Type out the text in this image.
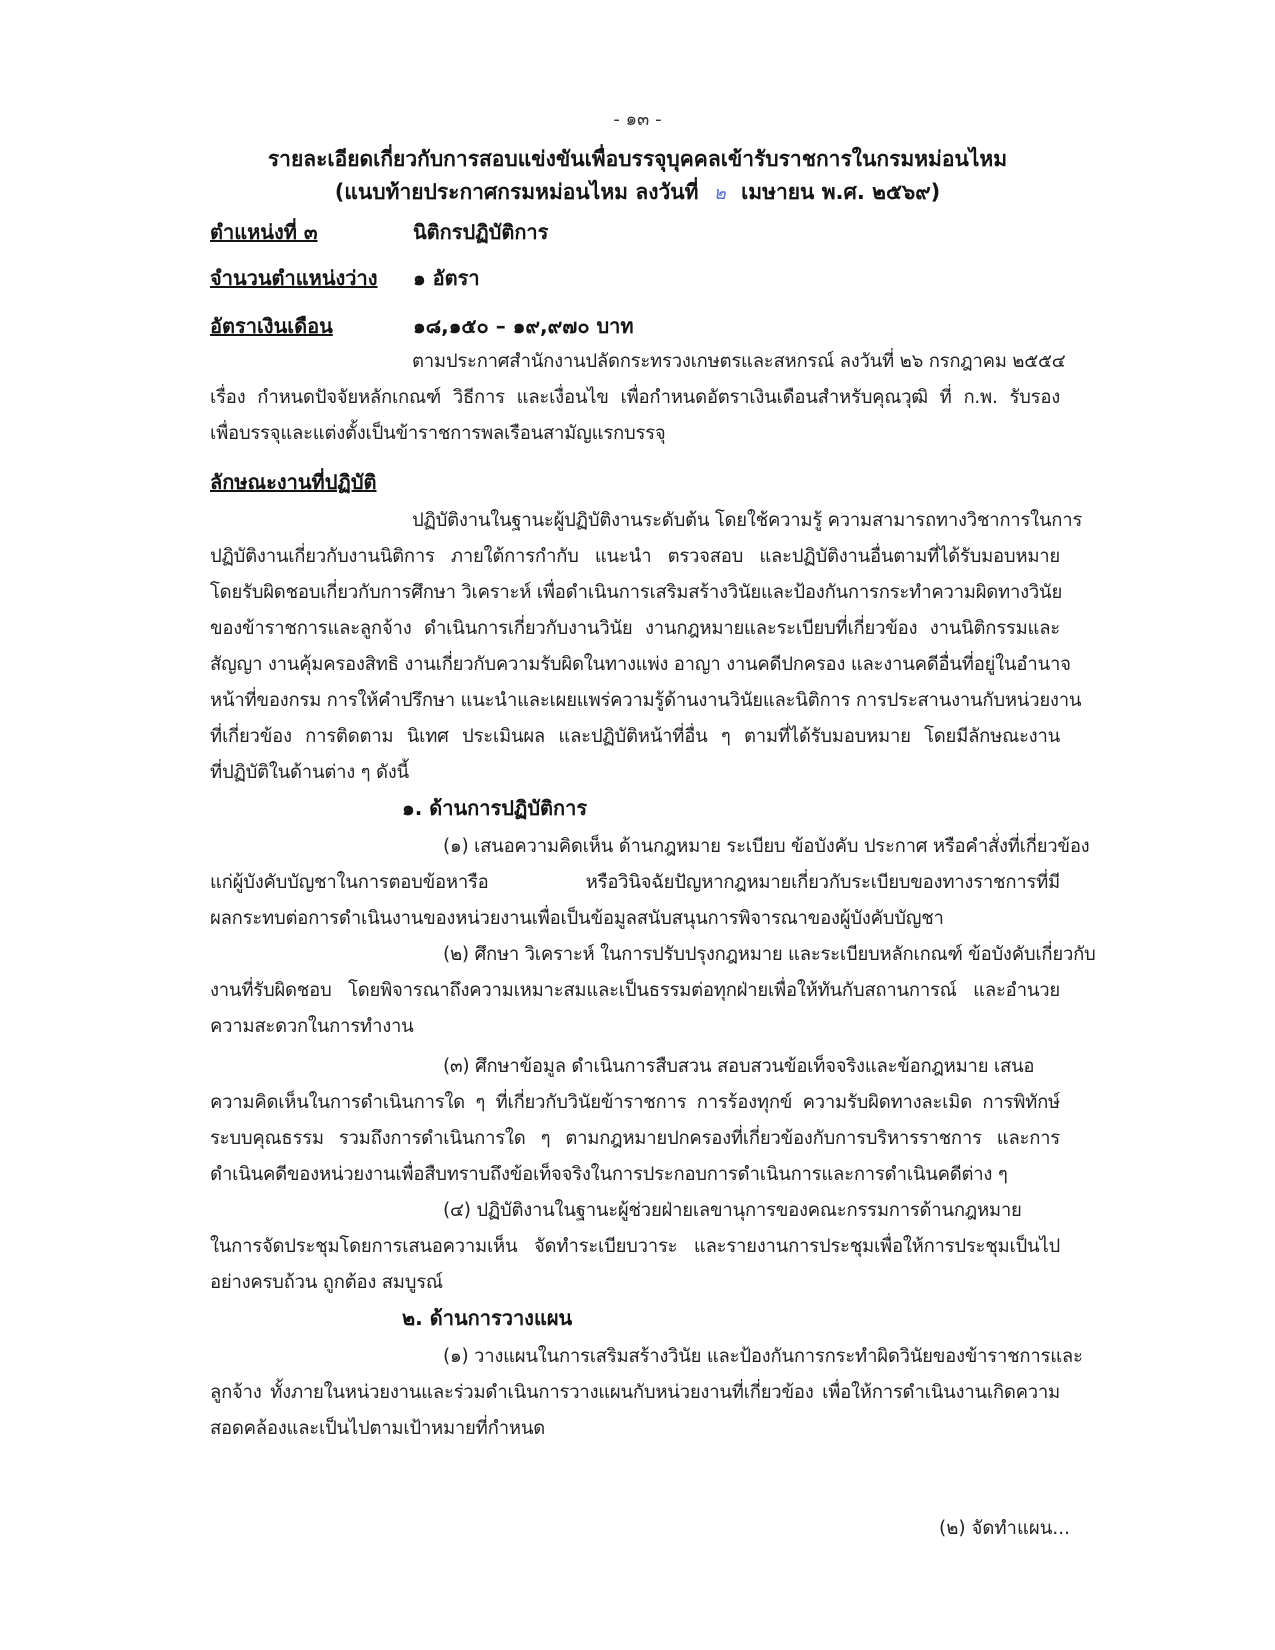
- ๑๓ -
รายละเอียดเกี่ยวกับการสอบแข่งขันเพื่อบรรจุบุคคลเข้ารับราชการในกรมหม่อนไหม
(แนบท้ายประกาศกรมหม่อนไหม ลงวันที่ ๒ เมษายน พ.ศ. ๒๕๖๙)
ตำแหน่งที่ ๓	นิติกรปฏิบัติการ
จำนวนตำแหน่งว่าง ๑ อัตรา
อัตราเงินเดือน	๑๘,๑๕๐ – ๑๙,๙๗๐ บาท
ตามประกาศสำนักงานปลัดกระทรวงเกษตรและสหกรณ์ ลงวันที่ ๒๖ กรกฎาคม ๒๕๕๔
เรื่อง กำหนดปัจจัยหลักเกณฑ์ วิธีการ และเงื่อนไข เพื่อกำหนดอัตราเงินเดือนสำหรับคุณวุฒิ ที่ ก.พ. รับรอง
เพื่อบรรจุและแต่งตั้งเป็นข้าราชการพลเรือนสามัญแรกบรรจุ
ลักษณะงานที่ปฏิบัติ
ปฏิบัติงานในฐานะผู้ปฏิบัติงานระดับต้น โดยใช้ความรู้ ความสามารถทางวิชาการในการ
ปฏิบัติงานเกี่ยวกับงานนิติการ ภายใต้การกำกับ แนะนำ ตรวจสอบ และปฏิบัติงานอื่นตามที่ได้รับมอบหมาย
โดยรับผิดชอบเกี่ยวกับการศึกษา วิเคราะห์ เพื่อดำเนินการเสริมสร้างวินัยและป้องกันการกระทำความผิดทางวินัย
ของข้าราชการและลูกจ้าง ดำเนินการเกี่ยวกับงานวินัย งานกฎหมายและระเบียบที่เกี่ยวข้อง งานนิติกรรมและ
สัญญา งานคุ้มครองสิทธิ งานเกี่ยวกับความรับผิดในทางแพ่ง อาญา งานคดีปกครอง และงานคดีอื่นที่อยู่ในอำนาจ
หน้าที่ของกรม การให้คำปรึกษา แนะนำและเผยแพร่ความรู้ด้านงานวินัยและนิติการ การประสานงานกับหน่วยงาน
ที่เกี่ยวข้อง การติดตาม นิเทศ ประเมินผล และปฏิบัติหน้าที่อื่น ๆ ตามที่ได้รับมอบหมาย โดยมีลักษณะงาน
ที่ปฏิบัติในด้านต่าง ๆ ดังนี้
๑. ด้านการปฏิบัติการ
(๑) เสนอความคิดเห็น ด้านกฎหมาย ระเบียบ ข้อบังคับ ประกาศ หรือคำสั่งที่เกี่ยวข้อง
แก่ผู้บังคับบัญชาในการตอบข้อหารือ หรือวินิจฉัยปัญหากฎหมายเกี่ยวกับระเบียบของทางราชการที่มี
ผลกระทบต่อการดำเนินงานของหน่วยงานเพื่อเป็นข้อมูลสนับสนุนการพิจารณาของผู้บังคับบัญชา
(๒) ศึกษา วิเคราะห์ ในการปรับปรุงกฎหมาย และระเบียบหลักเกณฑ์ ข้อบังคับเกี่ยวกับ
งานที่รับผิดชอบ โดยพิจารณาถึงความเหมาะสมและเป็นธรรมต่อทุกฝ่ายเพื่อให้ทันกับสถานการณ์ และอำนวย
ความสะดวกในการทำงาน
(๓) ศึกษาข้อมูล ดำเนินการสืบสวน สอบสวนข้อเท็จจริงและข้อกฎหมาย เสนอ
ความคิดเห็นในการดำเนินการใด ๆ ที่เกี่ยวกับวินัยข้าราชการ การร้องทุกข์ ความรับผิดทางละเมิด การพิทักษ์
ระบบคุณธรรม รวมถึงการดำเนินการใด ๆ ตามกฎหมายปกครองที่เกี่ยวข้องกับการบริหารราชการ และการ
ดำเนินคดีของหน่วยงานเพื่อสืบทราบถึงข้อเท็จจริงในการประกอบการดำเนินการและการดำเนินคดีต่าง ๆ
(๔) ปฏิบัติงานในฐานะผู้ช่วยฝ่ายเลขานุการของคณะกรรมการด้านกฎหมาย
ในการจัดประชุมโดยการเสนอความเห็น จัดทำระเบียบวาระ และรายงานการประชุมเพื่อให้การประชุมเป็นไป
อย่างครบถ้วน ถูกต้อง สมบูรณ์
๒. ด้านการวางแผน
(๑) วางแผนในการเสริมสร้างวินัย และป้องกันการกระทำผิดวินัยของข้าราชการและ
ลูกจ้าง ทั้งภายในหน่วยงานและร่วมดำเนินการวางแผนกับหน่วยงานที่เกี่ยวข้อง เพื่อให้การดำเนินงานเกิดความ
สอดคล้องและเป็นไปตามเป้าหมายที่กำหนด
(๒) จัดทำแผน...
